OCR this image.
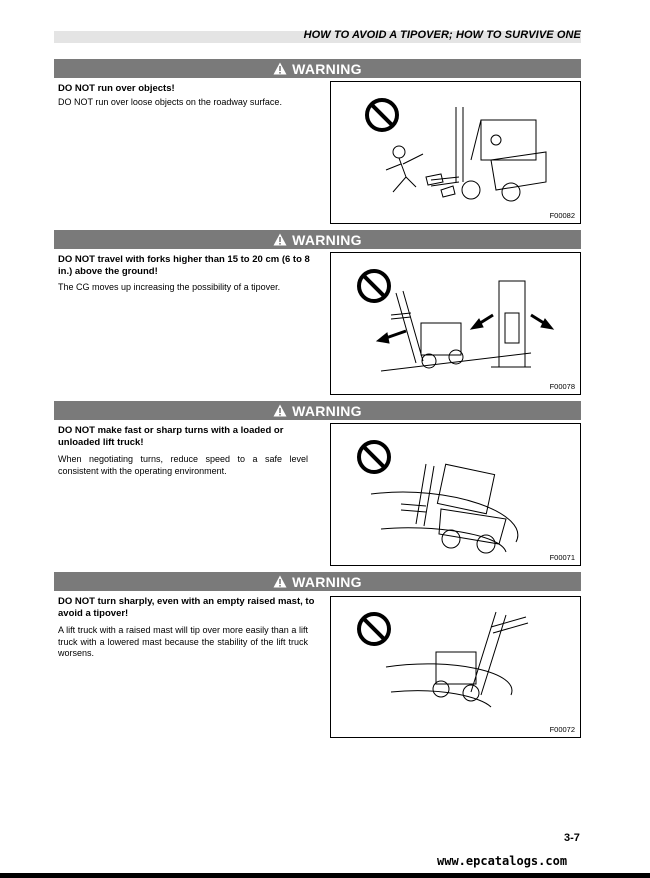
HOW TO AVOID A TIPOVER; HOW TO SURVIVE ONE
WARNING
DO NOT run over objects!
DO NOT run over loose objects on the roadway surface.
F00082
WARNING
DO NOT travel with forks higher than 15 to 20 cm (6 to 8 in.) above the ground!
The CG moves up increasing the possibility of a tipover.
F00078
WARNING
DO NOT make fast or sharp turns with a loaded or unloaded lift truck!
When negotiating turns, reduce speed to a safe level consistent with the operating environment.
F00071
WARNING
DO NOT turn sharply, even with an empty raised mast, to avoid a tipover!
A lift truck with a raised mast will tip over more easily than a lift truck with a lowered mast because the stability of the lift truck worsens.
F00072
3-7
www.epcatalogs.com
